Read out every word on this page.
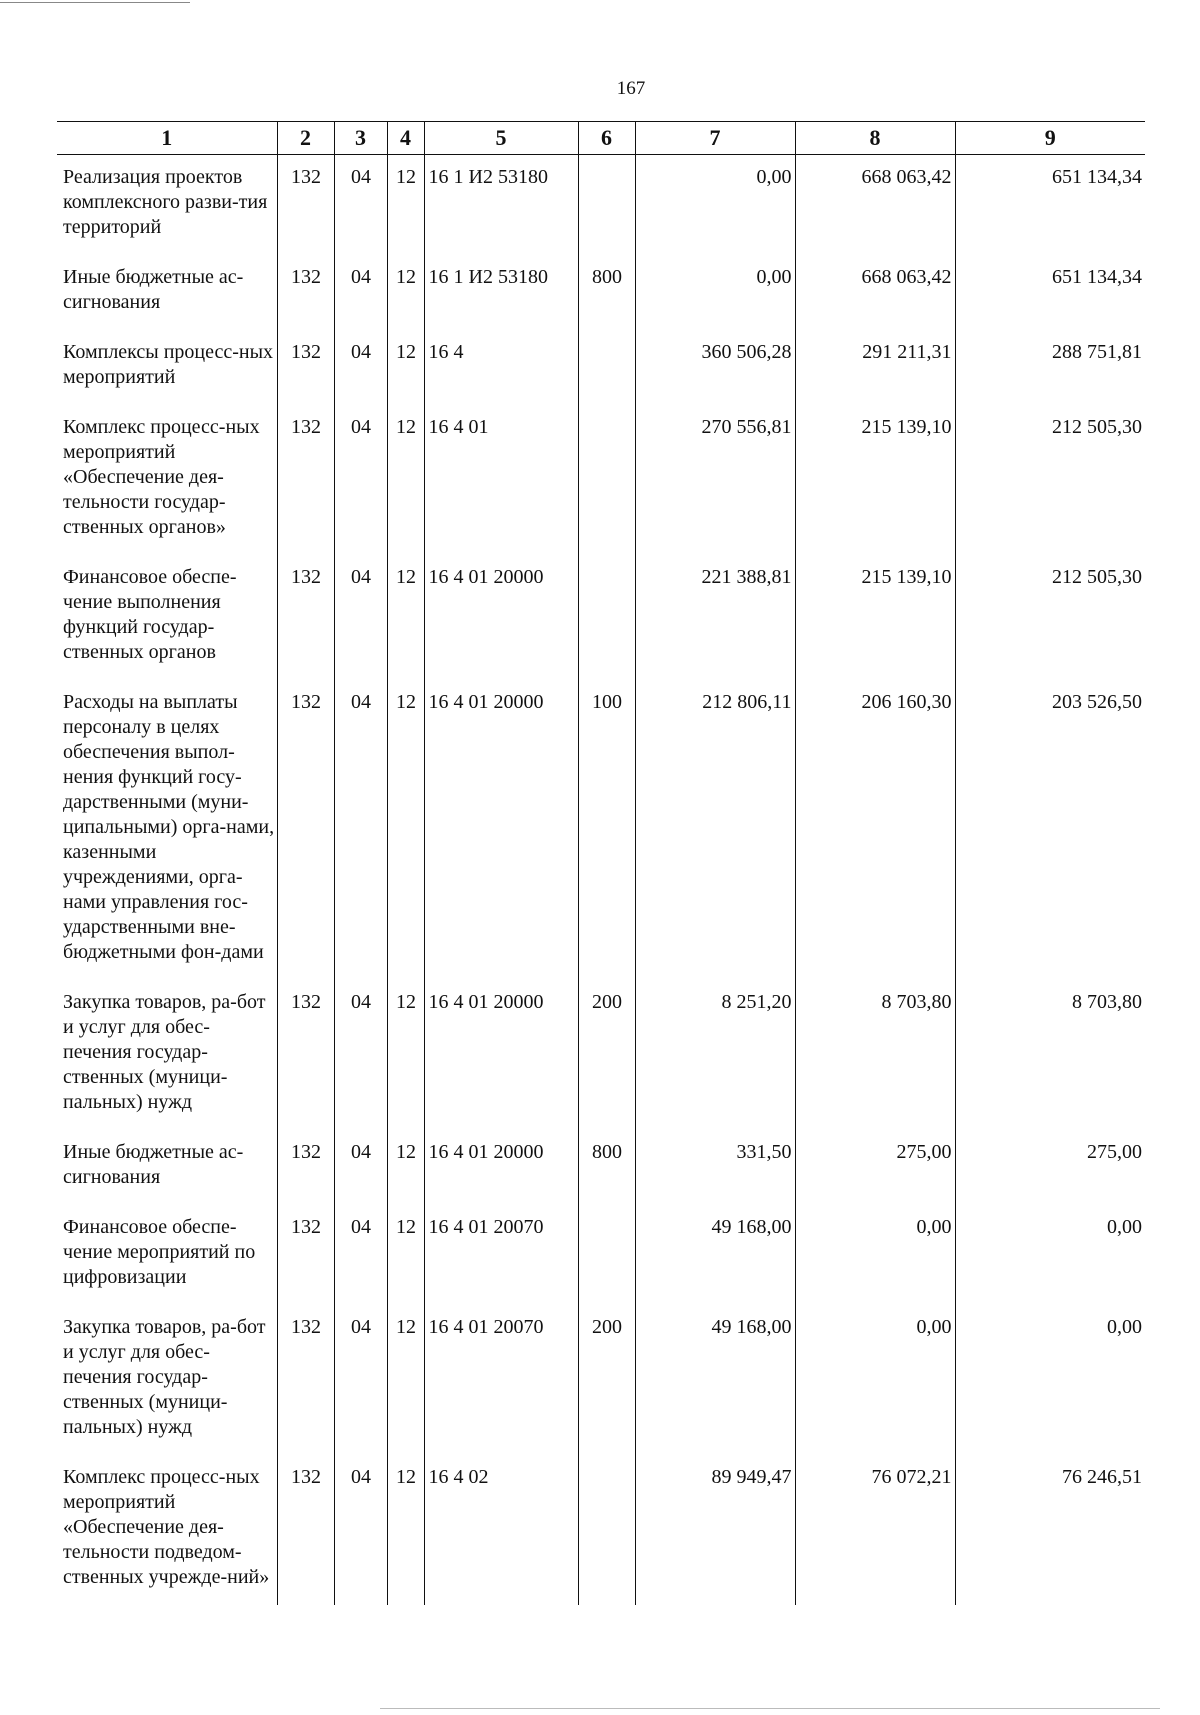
167
1	2	3	4	5	6	7	8	9
Реализация проектов комплексного разви-тия территорий	132	04	12	16 1 И2 53180		0,00	668 063,42	651 134,34
Иные бюджетные ас-сигнования	132	04	12	16 1 И2 53180	800	0,00	668 063,42	651 134,34
Комплексы процесс-ных мероприятий	132	04	12	16 4		360 506,28	291 211,31	288 751,81
Комплекс процесс-ных мероприятий «Обеспечение дея-тельности государ-ственных органов»	132	04	12	16 4 01		270 556,81	215 139,10	212 505,30
Финансовое обеспе-чение выполнения функций государ-ственных органов	132	04	12	16 4 01 20000		221 388,81	215 139,10	212 505,30
Расходы на выплаты персоналу в целях обеспечения выпол-нения функций госу-дарственными (муни-ципальными) орга-нами, казенными учреждениями, орга-нами управления гос-ударственными вне-бюджетными фон-дами	132	04	12	16 4 01 20000	100	212 806,11	206 160,30	203 526,50
Закупка товаров, ра-бот и услуг для обес-печения государ-ственных (муници-пальных) нужд	132	04	12	16 4 01 20000	200	8 251,20	8 703,80	8 703,80
Иные бюджетные ас-сигнования	132	04	12	16 4 01 20000	800	331,50	275,00	275,00
Финансовое обеспе-чение мероприятий по цифровизации	132	04	12	16 4 01 20070		49 168,00	0,00	0,00
Закупка товаров, ра-бот и услуг для обес-печения государ-ственных (муници-пальных) нужд	132	04	12	16 4 01 20070	200	49 168,00	0,00	0,00
Комплекс процесс-ных мероприятий «Обеспечение дея-тельности подведом-ственных учрежде-ний»	132	04	12	16 4 02		89 949,47	76 072,21	76 246,51
